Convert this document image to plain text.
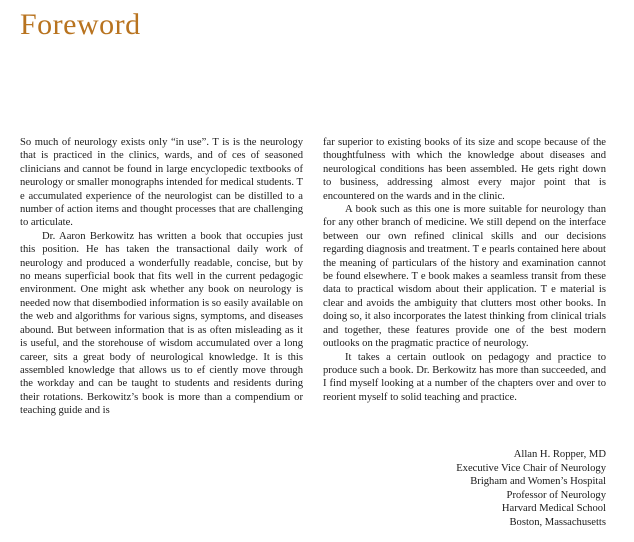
Foreword

So much of neurology exists only “in use”. T is is the neurology that is practiced in the clinics, wards, and of ces of seasoned clinicians and cannot be found in large encyclopedic textbooks of neurology or smaller monographs intended for medical students. T e accumulated experience of the neurologist can be distilled to a number of action items and thought processes that are challenging to articulate.

Dr. Aaron Berkowitz has written a book that occupies just this position. He has taken the transactional daily work of neurology and produced a wonderfully readable, concise, but by no means superficial book that fits well in the current pedagogic environment. One might ask whether any book on neurology is needed now that disembodied information is so easily available on the web and algorithms for various signs, symptoms, and diseases abound. But between information that is as often misleading as it is useful, and the storehouse of wisdom accumulated over a long career, sits a great body of neurological knowledge. It is this assembled knowledge that allows us to ef ciently move through the workday and can be taught to students and residents during their rotations. Berkowitz’s book is more than a compendium or teaching guide and is

far superior to existing books of its size and scope because of the thoughtfulness with which the knowledge about diseases and neurological conditions has been assembled. He gets right down to business, addressing almost every major point that is encountered on the wards and in the clinic.

A book such as this one is more suitable for neurology than for any other branch of medicine. We still depend on the interface between our own refined clinical skills and our decisions regarding diagnosis and treatment. T e pearls contained here about the meaning of particulars of the history and examination cannot be found elsewhere. T e book makes a seamless transit from these data to practical wisdom about their application. T e material is clear and avoids the ambiguity that clutters most other books. In doing so, it also incorporates the latest thinking from clinical trials and together, these features provide one of the best modern outlooks on the pragmatic practice of neurology.

It takes a certain outlook on pedagogy and practice to produce such a book. Dr. Berkowitz has more than succeeded, and I find myself looking at a number of the chapters over and over to reorient myself to solid teaching and practice.

Allan H. Ropper, MD
Executive Vice Chair of Neurology
Brigham and Women’s Hospital
Professor of Neurology
Harvard Medical School
Boston, Massachusetts
